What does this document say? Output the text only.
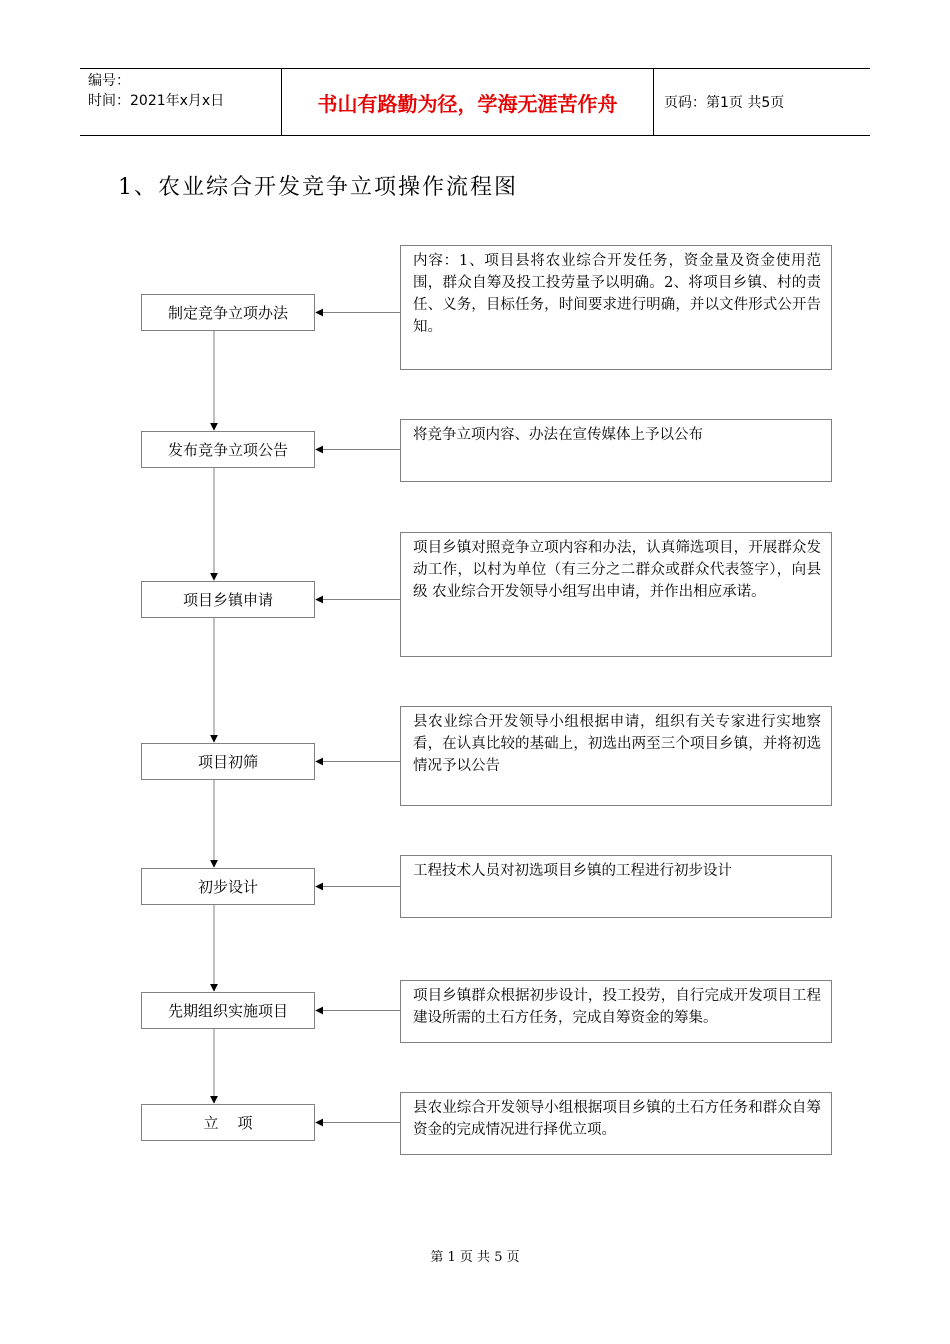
编号：
时间：2021年x月x日	书山有路勤为径，学海无涯苦作舟	页码：第1页 共5页
1、农业综合开发竞争立项操作流程图
制定竞争立项办法
内容：1、项目县将农业综合开发任务，资金量及资金使用范围，群众自筹及投工投劳量予以明确。2、将项目乡镇、村的责任、义务，目标任务，时间要求进行明确，并以文件形式公开告知。
发布竞争立项公告
将竞争立项内容、办法在宣传媒体上予以公布
项目乡镇申请
项目乡镇对照竞争立项内容和办法，认真筛选项目，开展群众发动工作，以村为单位（有三分之二群众或群众代表签字），向县级 农业综合开发领导小组写出申请，并作出相应承诺。
项目初筛
县农业综合开发领导小组根据申请，组织有关专家进行实地察看，在认真比较的基础上，初选出两至三个项目乡镇，并将初选情况予以公告
初步设计
工程技术人员对初选项目乡镇的工程进行初步设计
先期组织实施项目
项目乡镇群众根据初步设计，投工投劳，自行完成开发项目工程建设所需的土石方任务，完成自筹资金的筹集。
立    项
县农业综合开发领导小组根据项目乡镇的土石方任务和群众自筹资金的完成情况进行择优立项。
第 1 页 共 5 页
